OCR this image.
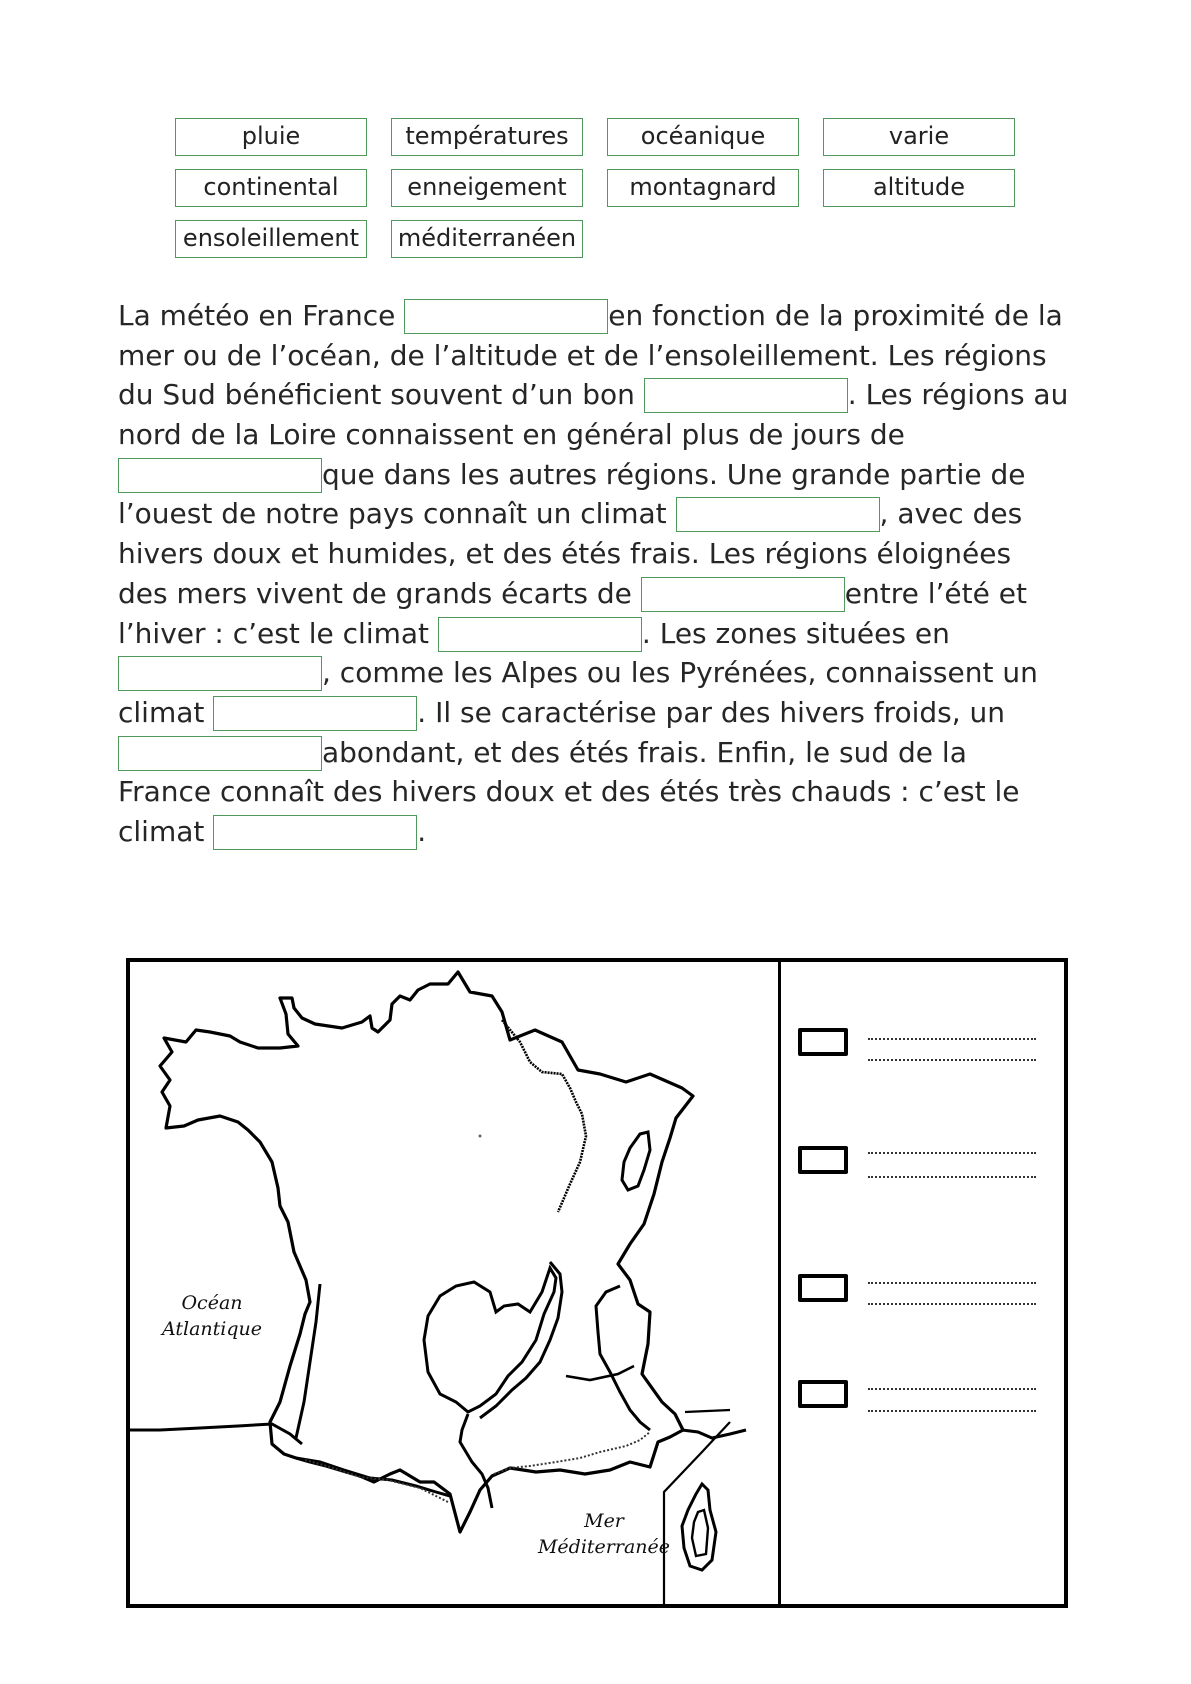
pluie	températures	océanique	varie
continental	enneigement	montagnard	altitude
ensoleillement	méditerranéen
La météo en France	en fonction de la proximité de la
mer ou de l’océan, de l’altitude et de l’ensoleillement. Les régions
du Sud bénéficient souvent d’un bon	. Les régions au
nord de la Loire connaissent en général plus de jours de
que dans les autres régions. Une grande partie de
l’ouest de notre pays connaît un climat	, avec des
hivers doux et humides, et des étés frais. Les régions éloignées
des mers vivent de grands écarts de	entre l’été et
l’hiver : c’est le climat	. Les zones situées en
, comme les Alpes ou les Pyrénées, connaissent un
climat	. Il se caractérise par des hivers froids, un
abondant, et des étés frais. Enfin, le sud de la
France connaît des hivers doux et des étés très chauds : c’est le
climat	.
Océan
Atlantique
Mer
Méditerranée
